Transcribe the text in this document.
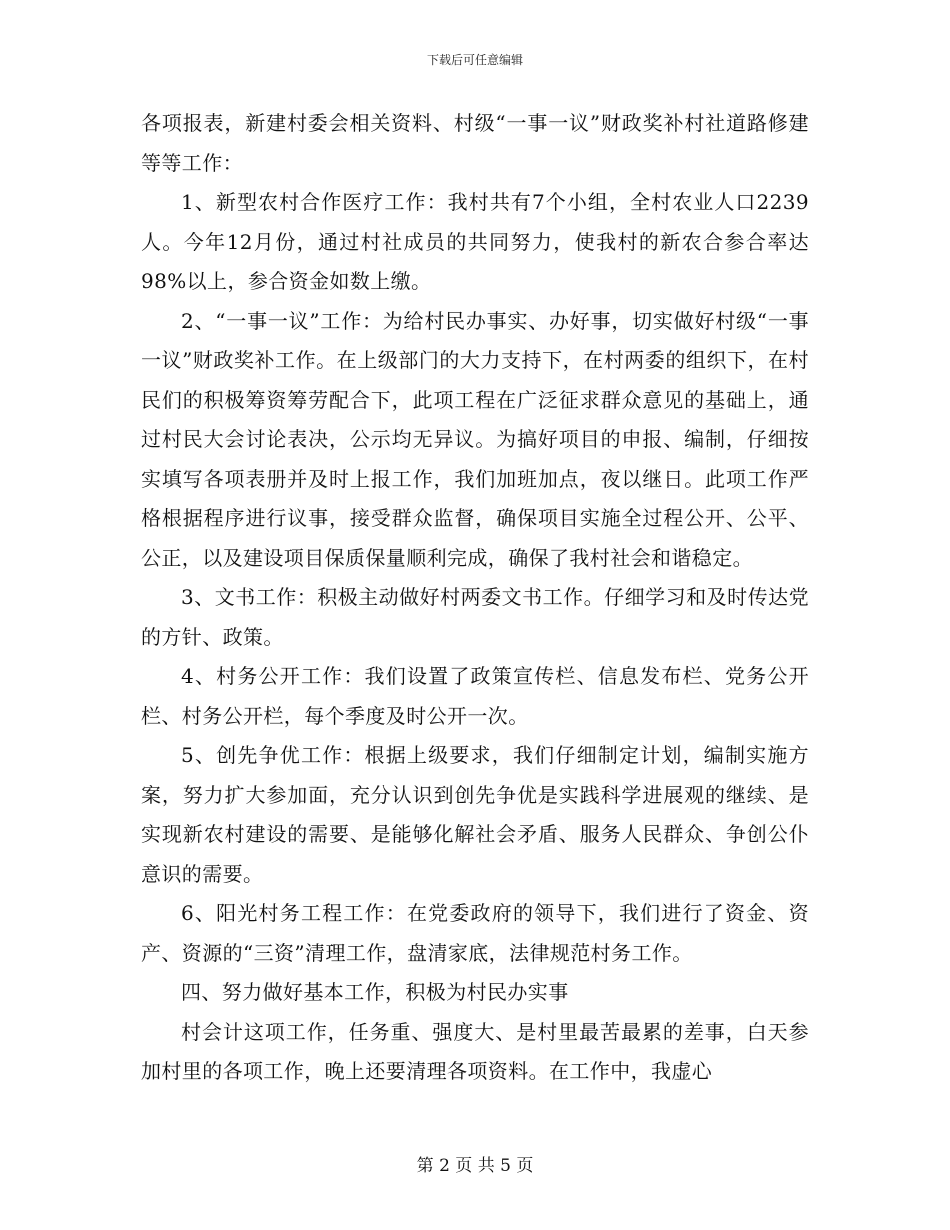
下载后可任意编辑

各项报表，新建村委会相关资料、村级“一事一议”财政奖补村社道路修建等等工作：

1、新型农村合作医疗工作：我村共有7个小组，全村农业人口2239人。今年12月份，通过村社成员的共同努力，使我村的新农合参合率达98%以上，参合资金如数上缴。

2、“一事一议”工作：为给村民办事实、办好事，切实做好村级“一事一议”财政奖补工作。在上级部门的大力支持下，在村两委的组织下，在村民们的积极筹资筹劳配合下，此项工程在广泛征求群众意见的基础上，通过村民大会讨论表决，公示均无异议。为搞好项目的申报、编制，仔细按实填写各项表册并及时上报工作，我们加班加点，夜以继日。此项工作严格根据程序进行议事，接受群众监督，确保项目实施全过程公开、公平、公正，以及建设项目保质保量顺利完成，确保了我村社会和谐稳定。

3、文书工作：积极主动做好村两委文书工作。仔细学习和及时传达党的方针、政策。

4、村务公开工作：我们设置了政策宣传栏、信息发布栏、党务公开栏、村务公开栏，每个季度及时公开一次。

5、创先争优工作：根据上级要求，我们仔细制定计划，编制实施方案，努力扩大参加面，充分认识到创先争优是实践科学进展观的继续、是实现新农村建设的需要、是能够化解社会矛盾、服务人民群众、争创公仆意识的需要。

6、阳光村务工程工作：在党委政府的领导下，我们进行了资金、资产、资源的“三资”清理工作，盘清家底，法律规范村务工作。

四、努力做好基本工作，积极为村民办实事

村会计这项工作，任务重、强度大、是村里最苦最累的差事，白天参加村里的各项工作，晚上还要清理各项资料。在工作中，我虚心

第 2 页 共 5 页
